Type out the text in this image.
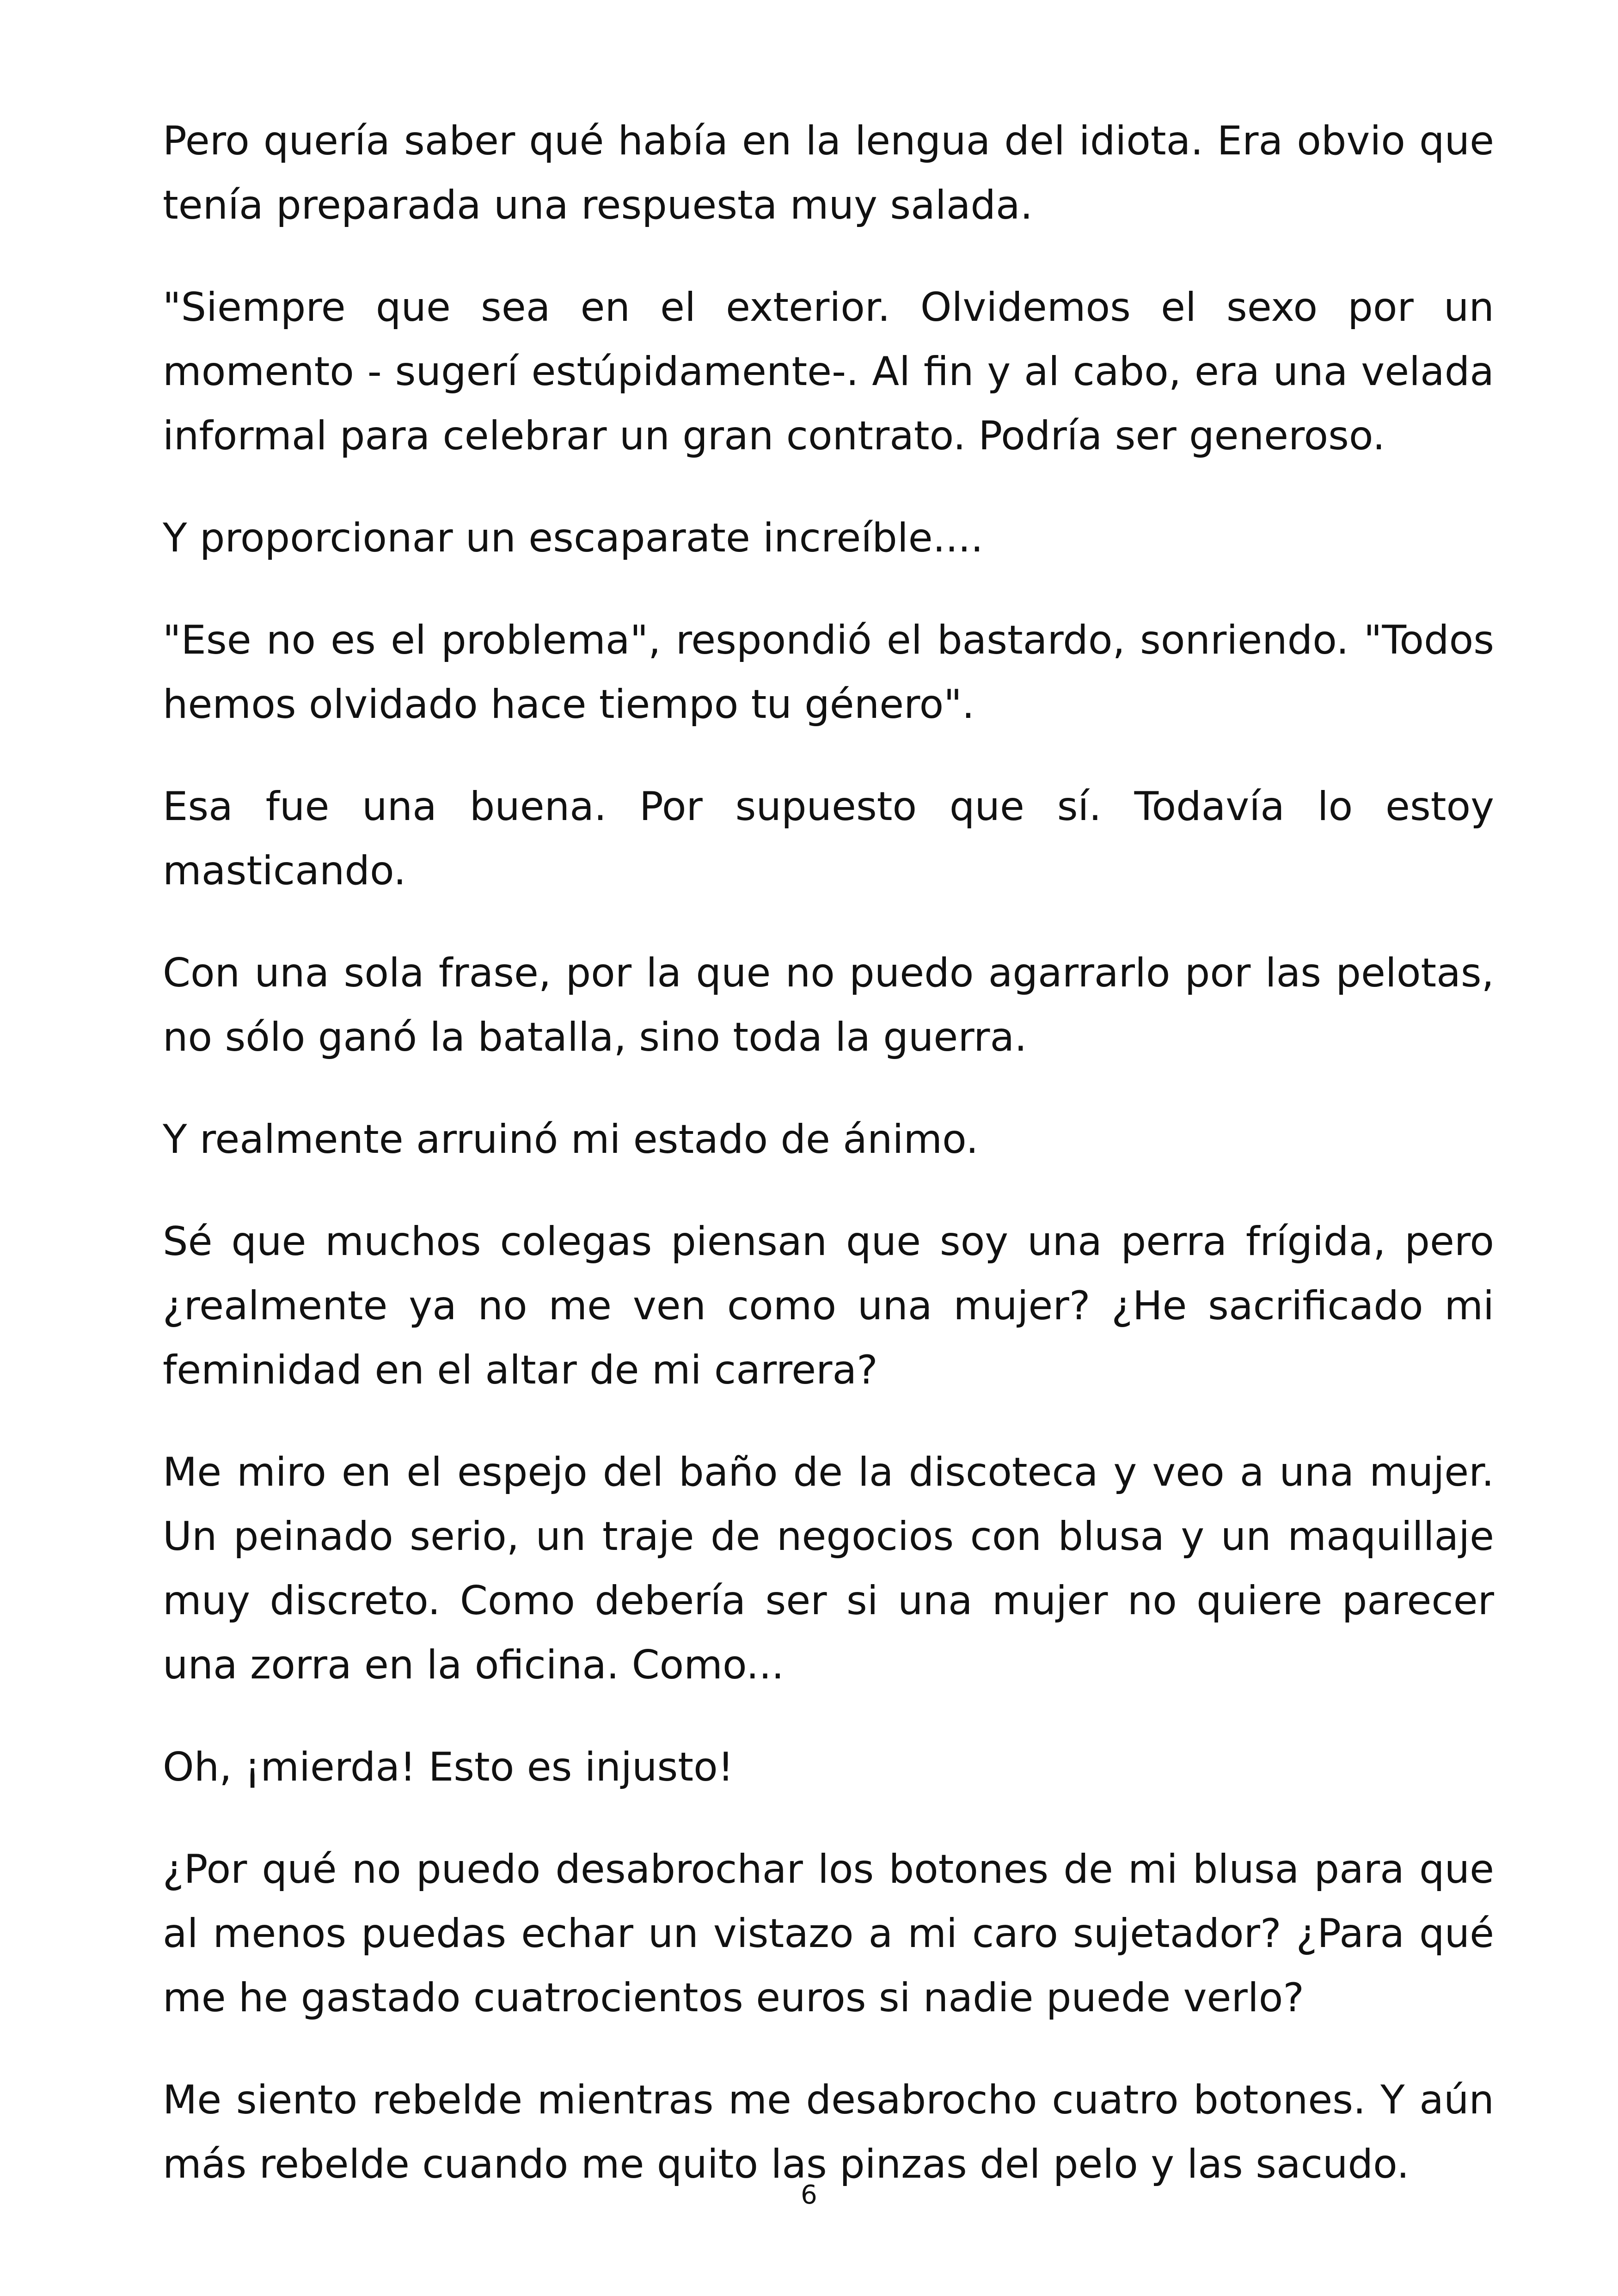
Pero quería saber qué había en la lengua del idiota. Era obvio que tenía preparada una respuesta muy salada.

"Siempre que sea en el exterior. Olvidemos el sexo por un momento - sugerí estúpidamente-. Al fin y al cabo, era una velada informal para celebrar un gran contrato. Podría ser generoso.

Y proporcionar un escaparate increíble....

"Ese no es el problema", respondió el bastardo, sonriendo. "Todos hemos olvidado hace tiempo tu género".

Esa fue una buena. Por supuesto que sí. Todavía lo estoy masticando.

Con una sola frase, por la que no puedo agarrarlo por las pelotas, no sólo ganó la batalla, sino toda la guerra.

Y realmente arruinó mi estado de ánimo.

Sé que muchos colegas piensan que soy una perra frígida, pero ¿realmente ya no me ven como una mujer? ¿He sacrificado mi feminidad en el altar de mi carrera?

Me miro en el espejo del baño de la discoteca y veo a una mujer. Un peinado serio, un traje de negocios con blusa y un maquillaje muy discreto. Como debería ser si una mujer no quiere parecer una zorra en la oficina. Como...

Oh, ¡mierda! Esto es injusto!

¿Por qué no puedo desabrochar los botones de mi blusa para que al menos puedas echar un vistazo a mi caro sujetador? ¿Para qué me he gastado cuatrocientos euros si nadie puede verlo?

Me siento rebelde mientras me desabrocho cuatro botones. Y aún más rebelde cuando me quito las pinzas del pelo y las sacudo.

6
